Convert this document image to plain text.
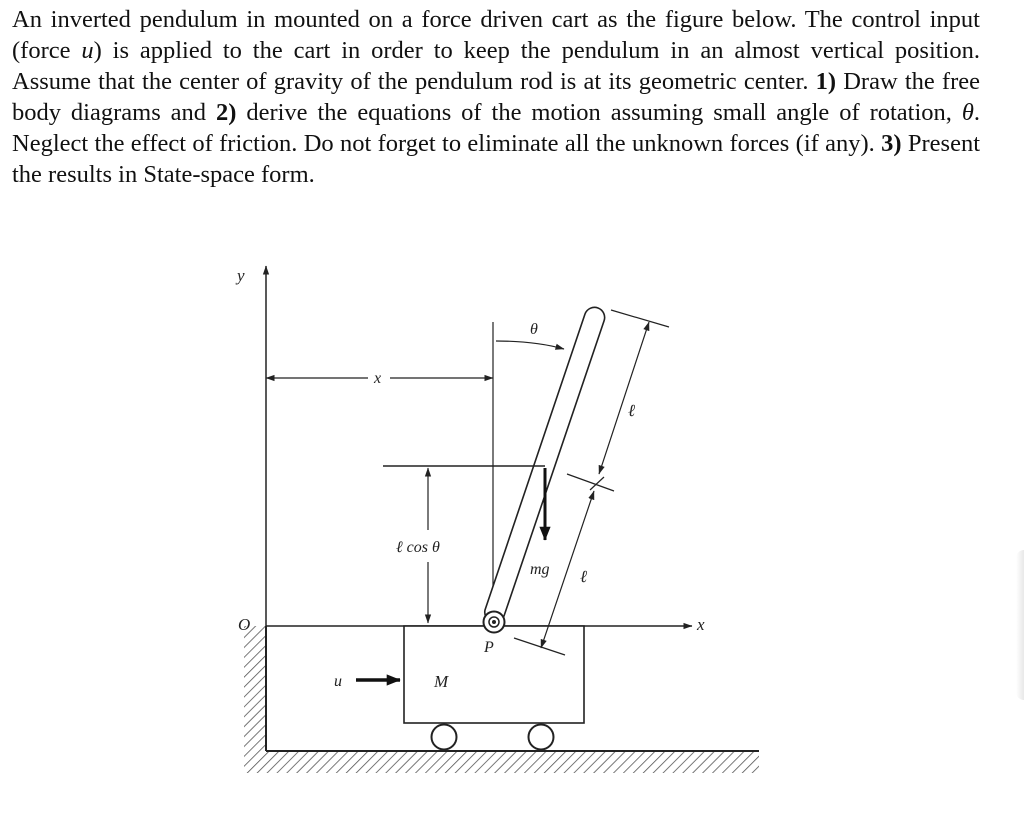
An inverted pendulum in mounted on a force driven cart as the figure below. The control input (force u) is applied to the cart in order to keep the pendulum in an almost vertical position. Assume that the center of gravity of the pendulum rod is at its geometric center. 1) Draw the free body diagrams and 2) derive the equations of the motion assuming small angle of rotation, θ. Neglect the effect of friction. Do not forget to eliminate all the unknown forces (if any). 3) Present the results in State-space form.
y
x
O
x
θ
M
u
P
ℓ cos θ
mg
ℓ
ℓ
